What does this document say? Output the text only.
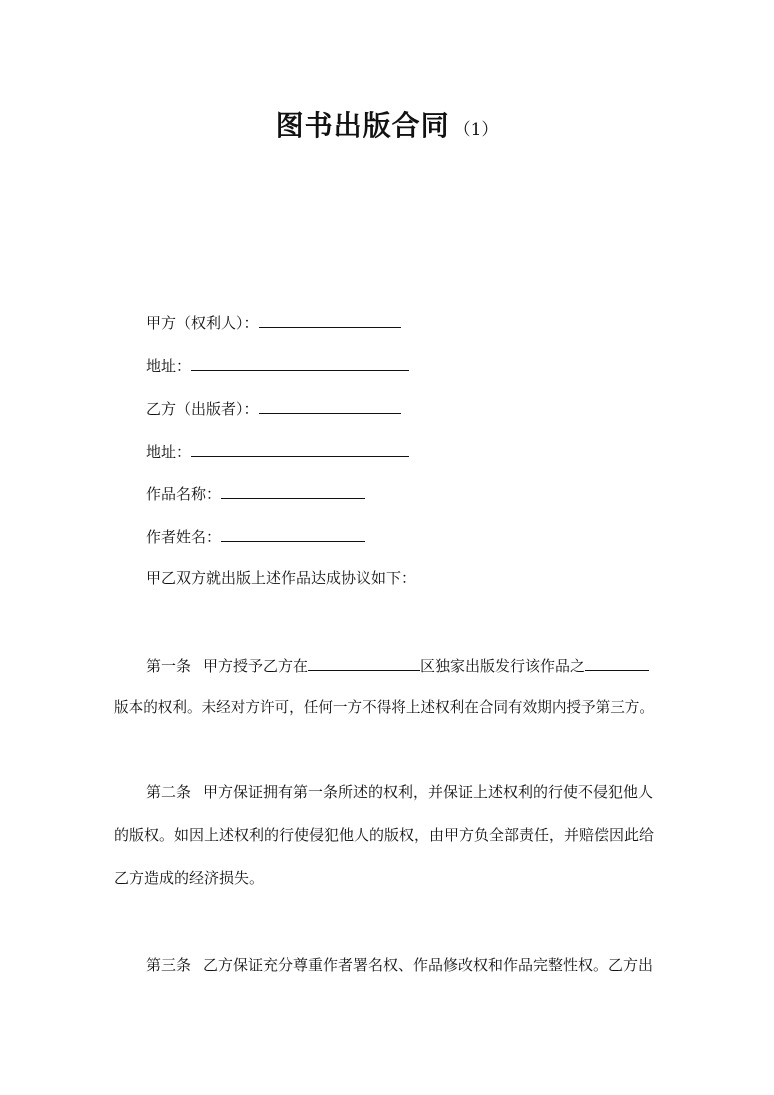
图书出版合同 （1）
甲方（权利人）：
地址：
乙方（出版者）：
地址：
作品名称：
作者姓名：
甲乙双方就出版上述作品达成协议如下：
第一条 甲方授予乙方在	区独家出版发行该作品之
版本的权利。未经对方许可，任何一方不得将上述权利在合同有效期内授予第三方。
第二条 甲方保证拥有第一条所述的权利，并保证上述权利的行使不侵犯他人
的版权。如因上述权利的行使侵犯他人的版权，由甲方负全部责任，并赔偿因此给
乙方造成的经济损失。
第三条 乙方保证充分尊重作者署名权、作品修改权和作品完整性权。乙方出
